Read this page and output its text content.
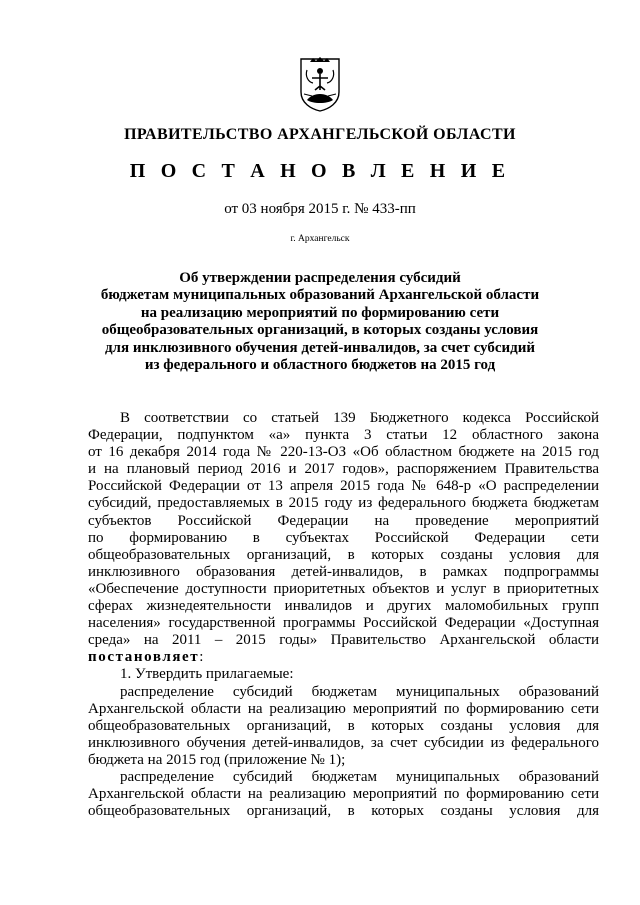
ПРАВИТЕЛЬСТВО АРХАНГЕЛЬСКОЙ ОБЛАСТИ
П О С Т А Н О В Л Е Н И Е
от 03 ноября 2015 г. № 433-пп
г. Архангельск
Об утверждении распределения субсидий
бюджетам муниципальных образований Архангельской области
на реализацию мероприятий по формированию сети
общеобразовательных организаций, в которых созданы условия
для инклюзивного обучения детей-инвалидов, за счет субсидий
из федерального и областного бюджетов на 2015 год
В соответствии со статьей 139 Бюджетного кодекса Российской
Федерации, подпунктом «а» пункта 3 статьи 12 областного закона
от 16 декабря 2014 года № 220-13-ОЗ «Об областном бюджете на 2015 год
и на плановый период 2016 и 2017 годов», распоряжением Правительства
Российской Федерации от 13 апреля 2015 года № 648-р «О распределении
субсидий, предоставляемых в 2015 году из федерального бюджета бюджетам
субъектов Российской Федерации на проведение мероприятий
по формированию в субъектах Российской Федерации сети
общеобразовательных организаций, в которых созданы условия для
инклюзивного образования детей-инвалидов, в рамках подпрограммы
«Обеспечение доступности приоритетных объектов и услуг в приоритетных
сферах жизнедеятельности инвалидов и других маломобильных групп
населения» государственной программы Российской Федерации «Доступная
среда» на 2011 – 2015 годы» Правительство Архангельской области
постановляет:
1. Утвердить прилагаемые:
распределение субсидий бюджетам муниципальных образований
Архангельской области на реализацию мероприятий по формированию сети
общеобразовательных организаций, в которых созданы условия для
инклюзивного обучения детей-инвалидов, за счет субсидии из федерального
бюджета на 2015 год (приложение № 1);
распределение субсидий бюджетам муниципальных образований
Архангельской области на реализацию мероприятий по формированию сети
общеобразовательных организаций, в которых созданы условия для
